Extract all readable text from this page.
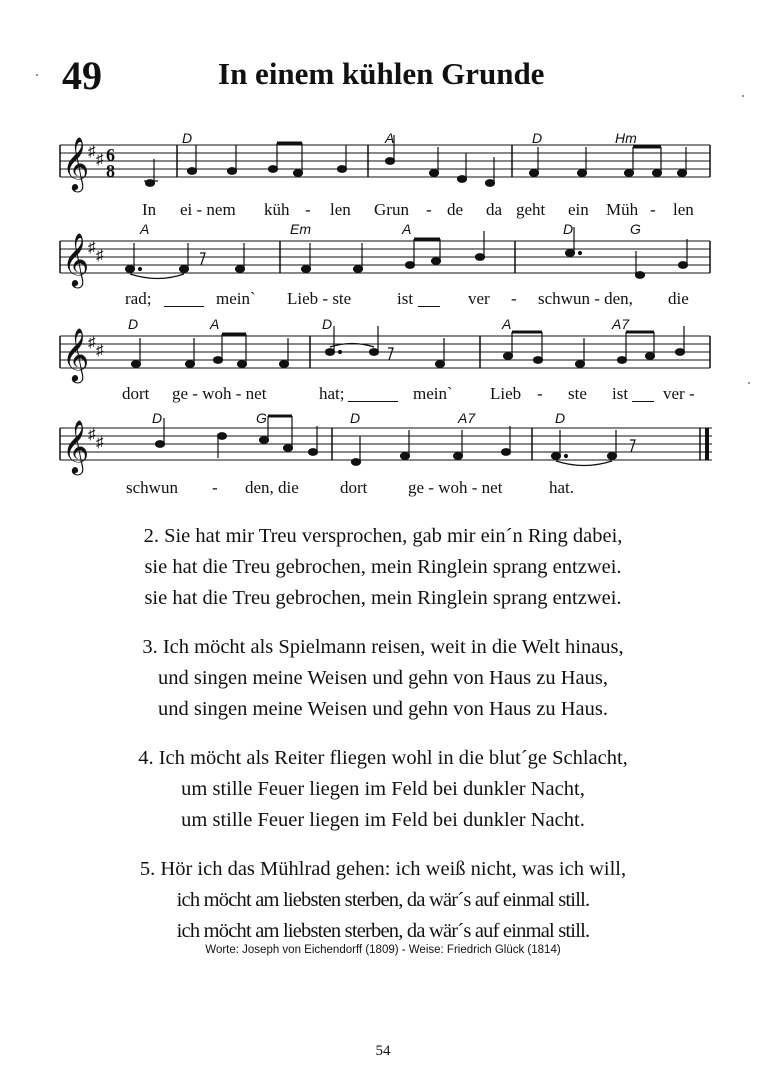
49	In einem kühlen Grunde
𝄞
♯ ♯ 6
8
D	A	D	Hm
In ei - nem küh - len Grun - de da geht ein Müh - len
𝄞
♯ ♯
A	Em	A	D	G
rad;	mein` Lieb - ste	ist	ver - schwun - den, die
𝄞
♯ ♯
D	A	D	A	A7
dort ge - woh - net	hat;	mein` Lieb - ste ist ver -
𝄞
♯ ♯
D	G	D	A7	D
schwun - den, die dort ge - woh - net	hat.
2. Sie hat mir Treu versprochen, gab mir ein´n Ring dabei,
sie hat die Treu gebrochen, mein Ringlein sprang entzwei.
sie hat die Treu gebrochen, mein Ringlein sprang entzwei.
3. Ich möcht als Spielmann reisen, weit in die Welt hinaus,
und singen meine Weisen und gehn von Haus zu Haus,
und singen meine Weisen und gehn von Haus zu Haus.
4. Ich möcht als Reiter fliegen wohl in die blut´ge Schlacht,
um stille Feuer liegen im Feld bei dunkler Nacht,
um stille Feuer liegen im Feld bei dunkler Nacht.
5. Hör ich das Mühlrad gehen: ich weiß nicht, was ich will,
ich möcht am liebsten sterben, da wär´s auf einmal still.
ich möcht am liebsten sterben, da wär´s auf einmal still.
Worte: Joseph von Eichendorff (1809) - Weise: Friedrich Glück (1814)
54
